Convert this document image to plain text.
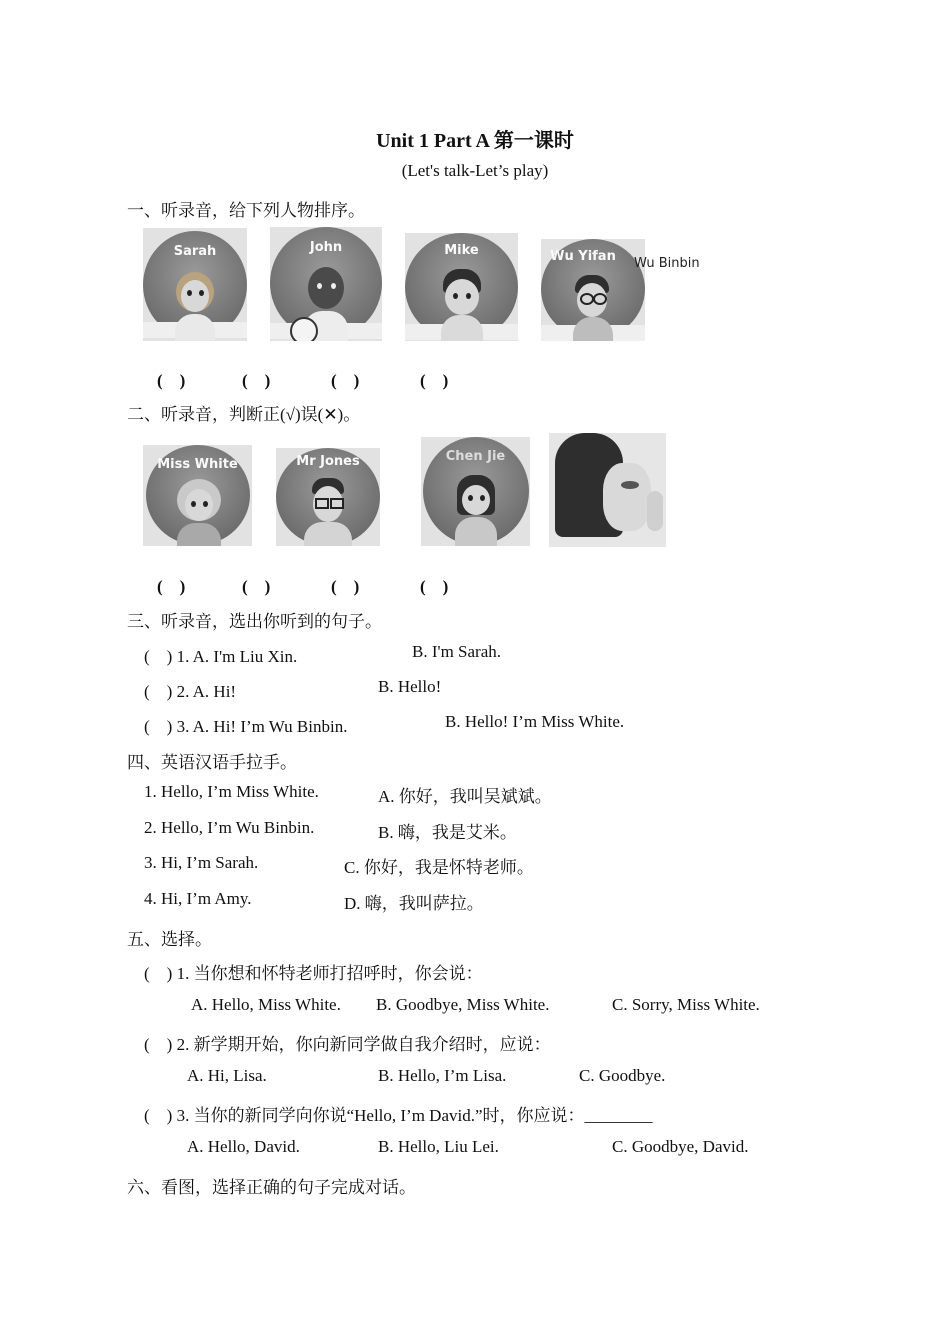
Unit 1 Part A 第一课时
(Let's talk-Let’s play)
一、听录音，给下列人物排序。
Sarah	John	Mike	Wu Yifan	Wu Binbin
(　)	(　)	(　)	(　)
二、听录音，判断正(√)误(✕)。
Miss White	Mr Jones	Chen Jie
(　)	(　)	(　)	(　)
三、听录音，选出你听到的句子。
(　) 1. A. I'm Liu Xin.	B. I'm Sarah.
(　) 2. A. Hi!	B. Hello!
(　) 3. A. Hi! I’m Wu Binbin.	B. Hello! I’m Miss White.
四、英语汉语手拉手。
1. Hello, I’m Miss White.	A. 你好，我叫吴斌斌。
2. Hello, I’m Wu Binbin.	B. 嗨，我是艾米。
3. Hi, I’m Sarah.	C. 你好，我是怀特老师。
4. Hi, I’m Amy.	D. 嗨，我叫萨拉。
五、选择。
(　) 1. 当你想和怀特老师打招呼时，你会说：
A. Hello, Miss White. B. Goodbye, Miss White.	C. Sorry, Miss White.
(　) 2. 新学期开始，你向新同学做自我介绍时，应说：
A. Hi, Lisa.	B. Hello, I’m Lisa.	C. Goodbye.
(　) 3. 当你的新同学向你说“Hello, I’m David.”时，你应说：________
A. Hello, David.	B. Hello, Liu Lei.	C. Goodbye, David.
六、看图，选择正确的句子完成对话。
